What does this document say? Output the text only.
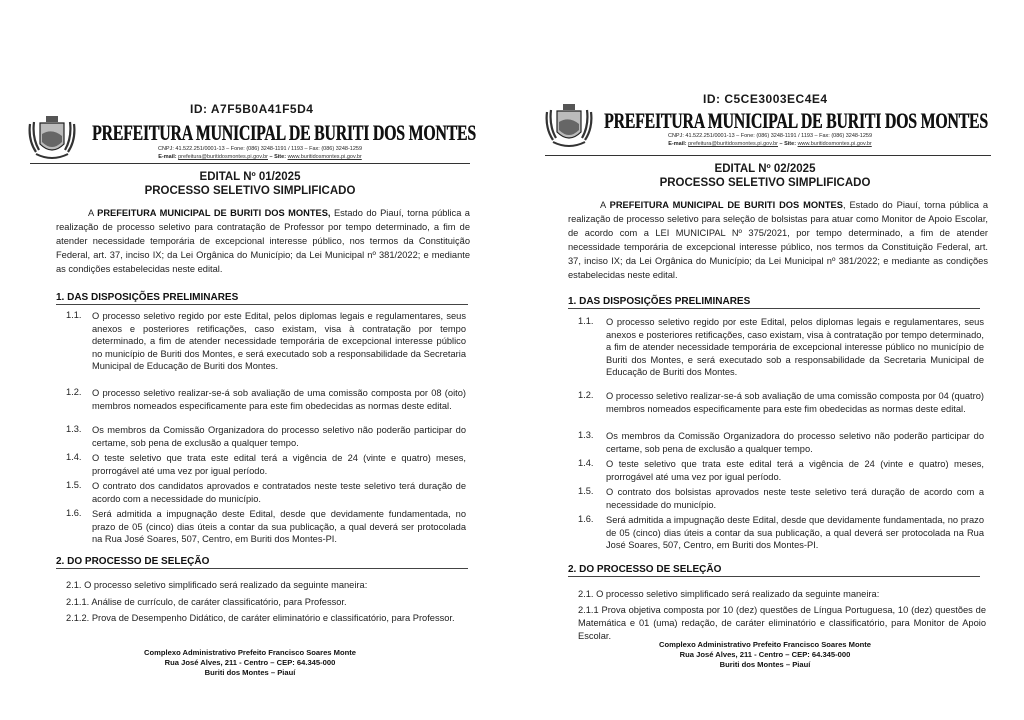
ID: A7F5B0A41F5D4
PREFEITURA MUNICIPAL DE BURITI DOS MONTES
CNPJ: 41.522.251/0001-13 – Fone: (086) 3248-1191 / 1193 – Fax: (086) 3248-1259
E-mail: prefeitura@buritidosmontes.pi.gov.br – Site: www.buritidosmontes.pi.gov.br
EDITAL Nº 01/2025
PROCESSO SELETIVO SIMPLIFICADO
A PREFEITURA MUNICIPAL DE BURITI DOS MONTES, Estado do Piauí, torna pública a realização de processo seletivo para contratação de Professor por tempo determinado, a fim de atender necessidade temporária de excepcional interesse público, nos termos da Constituição Federal, art. 37, inciso IX; da Lei Orgânica do Município; da Lei Municipal nº 381/2022; e mediante as condições estabelecidas neste edital.
1. DAS DISPOSIÇÕES PRELIMINARES
1.1. O processo seletivo regido por este Edital, pelos diplomas legais e regulamentares, seus anexos e posteriores retificações, caso existam, visa à contratação por tempo determinado, a fim de atender necessidade temporária de excepcional interesse público no município de Buriti dos Montes, e será executado sob a responsabilidade da Secretaria Municipal de Educação de Buriti dos Montes.
1.2. O processo seletivo realizar-se-á sob avaliação de uma comissão composta por 08 (oito) membros nomeados especificamente para este fim obedecidas as normas deste edital.
1.3. Os membros da Comissão Organizadora do processo seletivo não poderão participar do certame, sob pena de exclusão a qualquer tempo.
1.4. O teste seletivo que trata este edital terá a vigência de 24 (vinte e quatro) meses, prorrogável até uma vez por igual período.
1.5. O contrato dos candidatos aprovados e contratados neste teste seletivo terá duração de acordo com a necessidade do município.
1.6. Será admitida a impugnação deste Edital, desde que devidamente fundamentada, no prazo de 05 (cinco) dias úteis a contar da sua publicação, a qual deverá ser protocolada na Rua José Soares, 507, Centro, em Buriti dos Montes-PI.
2. DO PROCESSO DE SELEÇÃO
2.1. O processo seletivo simplificado será realizado da seguinte maneira:
2.1.1. Análise de currículo, de caráter classificatório, para Professor.
2.1.2. Prova de Desempenho Didático, de caráter eliminatório e classificatório, para Professor.
Complexo Administrativo Prefeito Francisco Soares Monte
Rua José Alves, 211 - Centro – CEP: 64.345-000
Buriti dos Montes – Piauí
ID: C5CE3003EC4E4
PREFEITURA MUNICIPAL DE BURITI DOS MONTES
CNPJ: 41.522.251/0001-13 – Fone: (086) 3248-1191 / 1193 – Fax: (086) 3248-1259
E-mail: prefeitura@buritidosmontes.pi.gov.br – Site: www.buritidosmontes.pi.gov.br
EDITAL Nº 02/2025
PROCESSO SELETIVO SIMPLIFICADO
A PREFEITURA MUNICIPAL DE BURITI DOS MONTES, Estado do Piauí, torna pública a realização de processo seletivo para seleção de bolsistas para atuar como Monitor de Apoio Escolar, de acordo com a LEI MUNICIPAL Nº 375/2021, por tempo determinado, a fim de atender necessidade temporária de excepcional interesse público, nos termos da Constituição Federal, art. 37, inciso IX; da Lei Orgânica do Município; da Lei Municipal nº 381/2022; e mediante as condições estabelecidas neste edital.
1. DAS DISPOSIÇÕES PRELIMINARES
1.1. O processo seletivo regido por este Edital, pelos diplomas legais e regulamentares, seus anexos e posteriores retificações, caso existam, visa à contratação por tempo determinado, a fim de atender necessidade temporária de excepcional interesse público no município de Buriti dos Montes, e será executado sob a responsabilidade da Secretaria Municipal de Educação de Buriti dos Montes.
1.2. O processo seletivo realizar-se-á sob avaliação de uma comissão composta por 04 (quatro) membros nomeados especificamente para este fim obedecidas as normas deste edital.
1.3. Os membros da Comissão Organizadora do processo seletivo não poderão participar do certame, sob pena de exclusão a qualquer tempo.
1.4. O teste seletivo que trata este edital terá a vigência de 24 (vinte e quatro) meses, prorrogável até uma vez por igual período.
1.5. O contrato dos bolsistas aprovados neste teste seletivo terá duração de acordo com a necessidade do município.
1.6. Será admitida a impugnação deste Edital, desde que devidamente fundamentada, no prazo de 05 (cinco) dias úteis a contar da sua publicação, a qual deverá ser protocolada na Rua José Soares, 507, Centro, em Buriti dos Montes-PI.
2. DO PROCESSO DE SELEÇÃO
2.1. O processo seletivo simplificado será realizado da seguinte maneira:
2.1.1 Prova objetiva composta por 10 (dez) questões de Língua Portuguesa, 10 (dez) questões de Matemática e 01 (uma) redação, de caráter eliminatório e classificatório, para Monitor de Apoio Escolar.
Complexo Administrativo Prefeito Francisco Soares Monte
Rua José Alves, 211 - Centro – CEP: 64.345-000
Buriti dos Montes – Piauí
